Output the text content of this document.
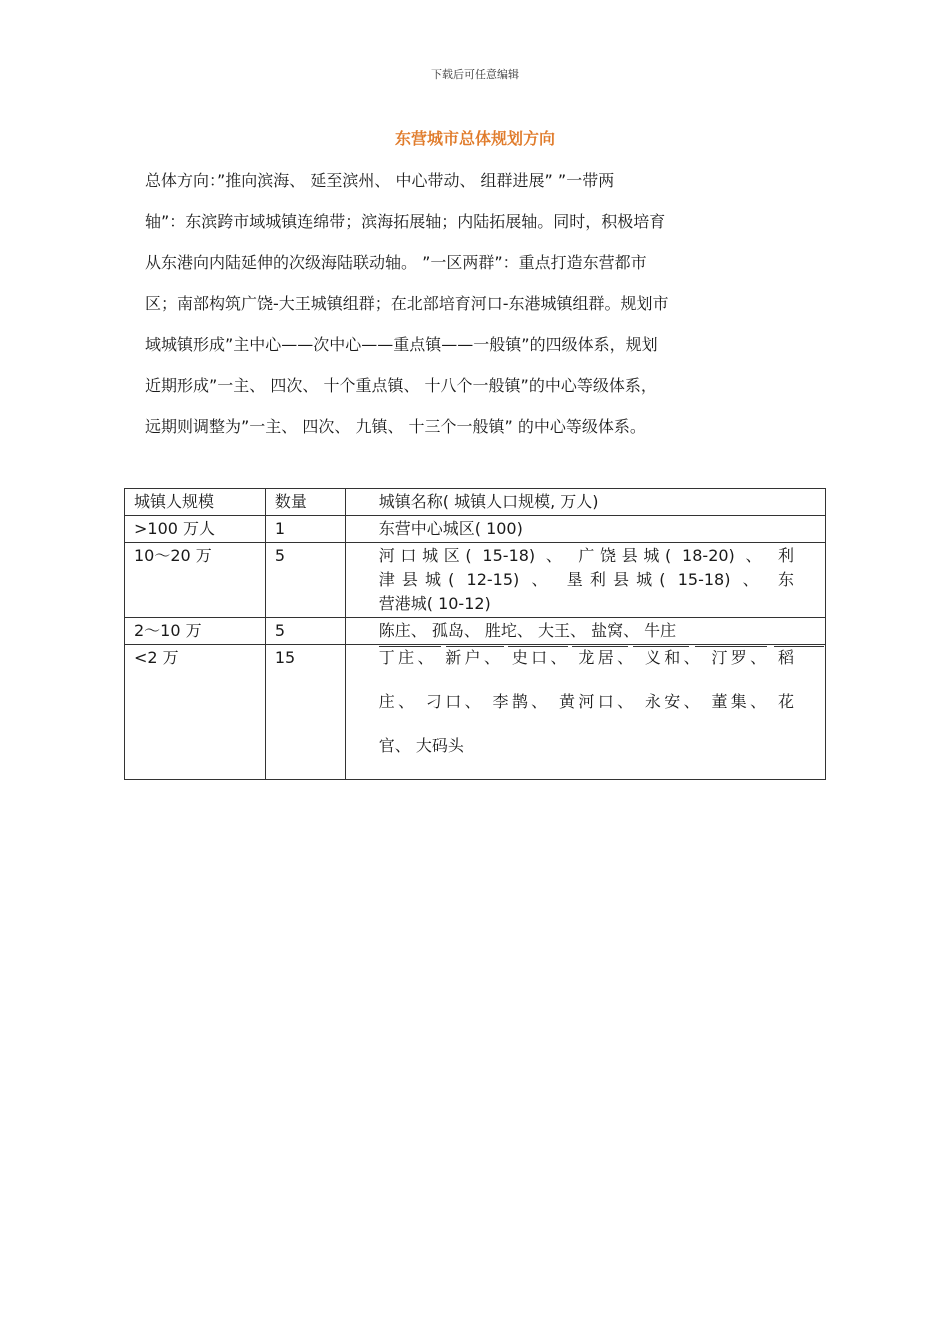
下载后可任意编辑
东营城市总体规划方向
总体方向：”推向滨海、 延至滨州、 中心带动、 组群进展” ”一带两
轴”：东滨跨市域城镇连绵带；滨海拓展轴；内陆拓展轴。同时，积极培育
从东港向内陆延伸的次级海陆联动轴。 ”一区两群”：重点打造东营都市
区；南部构筑广饶-大王城镇组群；在北部培育河口-东港城镇组群。规划市
域城镇形成”主中心——次中心——重点镇——一般镇”的四级体系，规划
近期形成”一主、 四次、 十个重点镇、 十八个一般镇”的中心等级体系，
远期则调整为”一主、 四次、 九镇、 十三个一般镇” 的中心等级体系。
城镇人规模	数量	城镇名称( 城镇人口规模, 万人)
>100 万人	1	东营中心城区( 100)
10～20 万	5	河口城区( 15-18) 、 广饶县城( 18-20) 、 利
津县城( 12-15) 、 垦利县城( 15-18) 、 东
营港城( 10-12)

2～10 万	5	陈庄、 孤岛、 胜坨、 大王、 盐窝、 牛庄

<2 万	15	丁庄、 新户、 史口、 龙居、 义和、 汀罗、 稻
庄、 刁口、 李鹊、 黄河口、 永安、 董集、 花
官、 大码头
